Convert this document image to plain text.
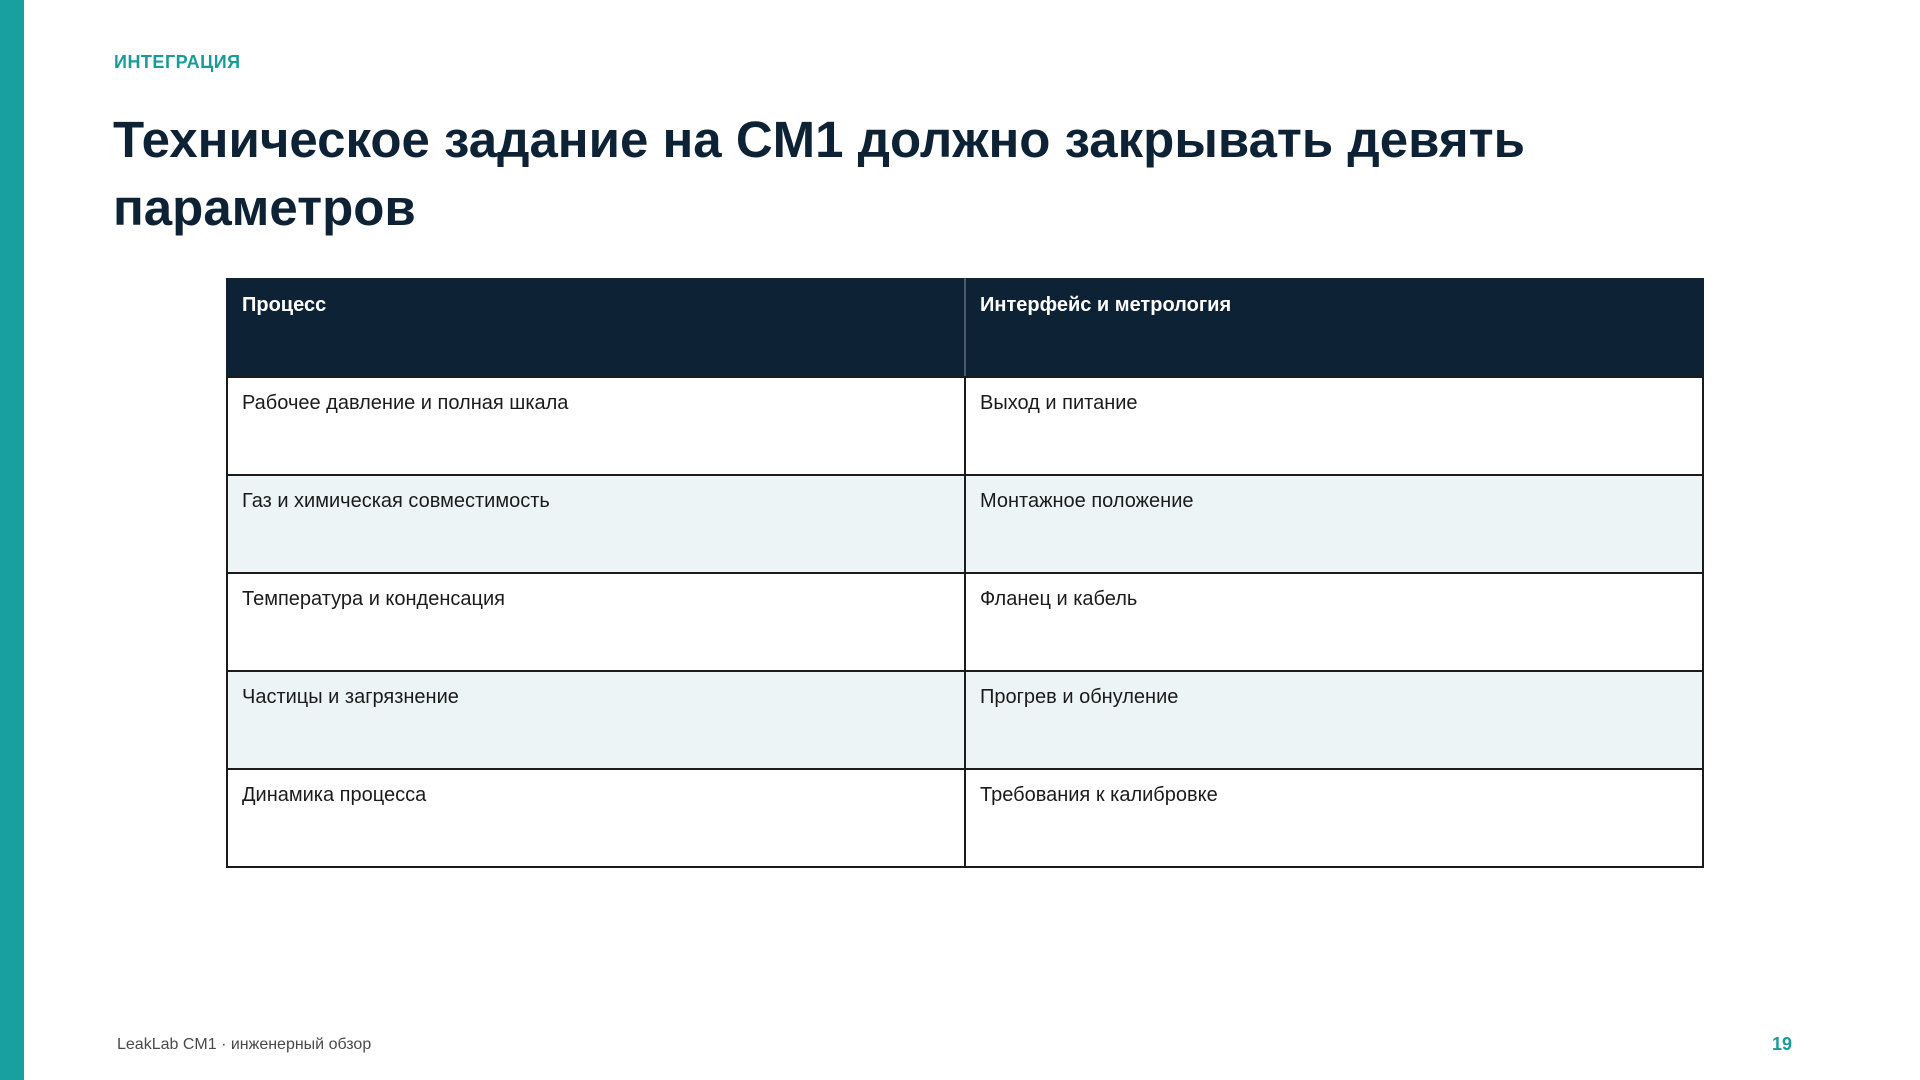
ИНТЕГРАЦИЯ
Техническое задание на CM1 должно закрывать девять параметров
Процесс	Интерфейс и метрология
Рабочее давление и полная шкала	Выход и питание
Газ и химическая совместимость	Монтажное положение
Температура и конденсация	Фланец и кабель
Частицы и загрязнение	Прогрев и обнуление
Динамика процесса	Требования к калибровке
LeakLab CM1 · инженерный обзор	19
